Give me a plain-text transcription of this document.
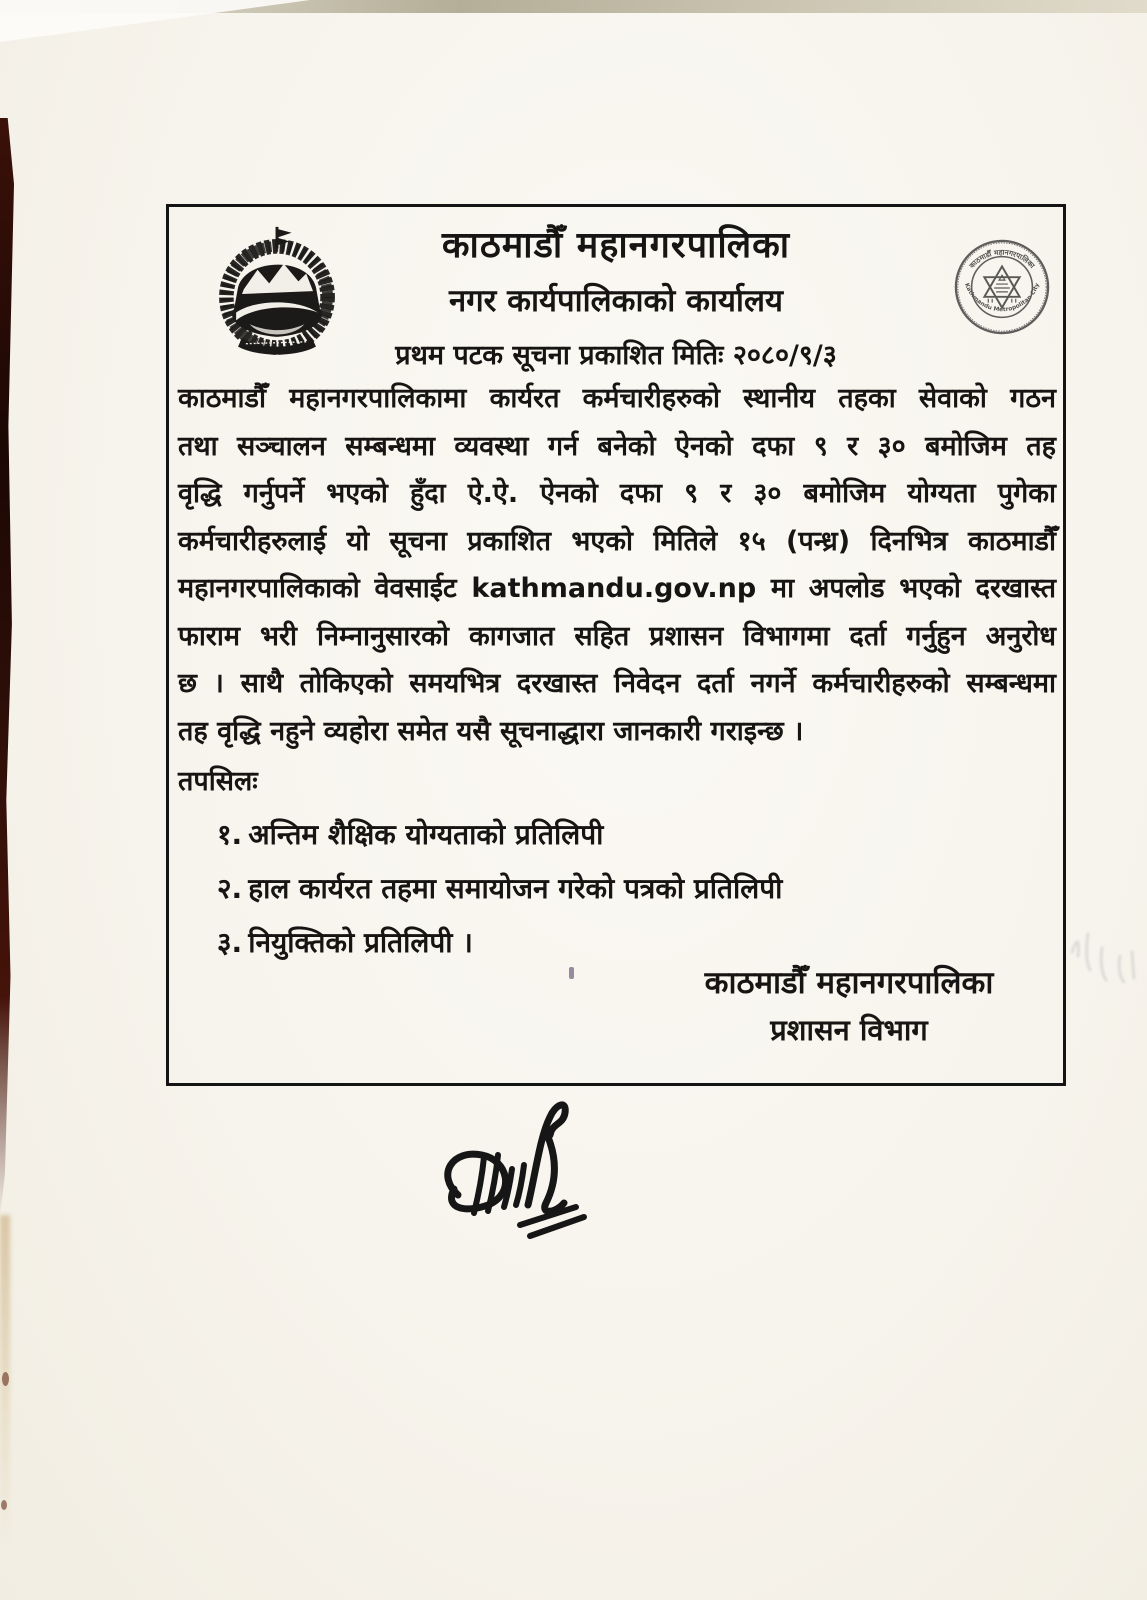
काठमाडौँ महानगरपालिका
नगर कार्यपालिकाको कार्यालय
प्रथम पटक सूचना प्रकाशित मितिः २०८०/९/३
काठमाडौँ महानगरपालिका
Kathmandu Metropolitan City
काठमाडौँ महानगरपालिकामा कार्यरत कर्मचारीहरुको स्थानीय तहका सेवाको गठन
तथा सञ्चालन सम्बन्धमा व्यवस्था गर्न बनेको ऐनको दफा ९ र ३० बमोजिम तह
वृद्धि गर्नुपर्ने भएको हुँदा ऐ.ऐ. ऐनको दफा ९ र ३० बमोजिम योग्यता पुगेका
कर्मचारीहरुलाई यो सूचना प्रकाशित भएको मितिले १५ (पन्ध्र) दिनभित्र काठमाडौँ
महानगरपालिकाको वेवसाईट kathmandu.gov.np मा अपलोड भएको दरखास्त
फाराम भरी निम्नानुसारको कागजात सहित प्रशासन विभागमा दर्ता गर्नुहुन अनुरोध
छ । साथै तोकिएको समयभित्र दरखास्त निवेदन दर्ता नगर्ने कर्मचारीहरुको सम्बन्धमा
तह वृद्धि नहुने व्यहोरा समेत यसै सूचनाद्धारा जानकारी गराइन्छ ।
तपसिलः
१. अन्तिम शैक्षिक योग्यताको प्रतिलिपी
२. हाल कार्यरत तहमा समायोजन गरेको पत्रको प्रतिलिपी
३. नियुक्तिको प्रतिलिपी ।
काठमाडौँ महानगरपालिका
प्रशासन विभाग
